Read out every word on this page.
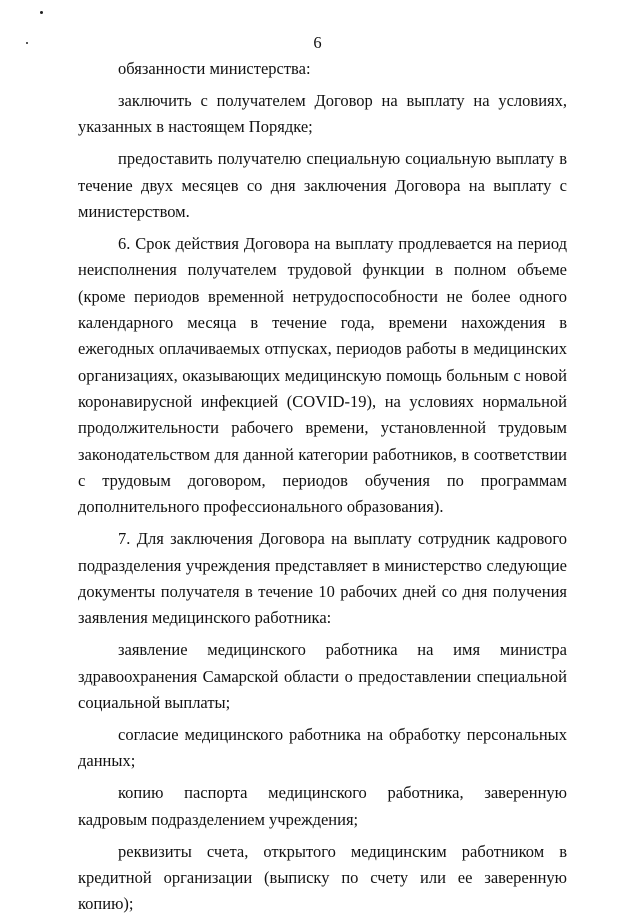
6

обязанности министерства:

заключить с получателем Договор на выплату на условиях, указанных в настоящем Порядке;

предоставить получателю специальную социальную выплату в течение двух месяцев со дня заключения Договора на выплату с министерством.

6. Срок действия Договора на выплату продлевается на период неисполнения получателем трудовой функции в полном объеме (кроме периодов временной нетрудоспособности не более одного календарного месяца в течение года, времени нахождения в ежегодных оплачиваемых отпусках, периодов работы в медицинских организациях, оказывающих медицинскую помощь больным с новой коронавирусной инфекцией (COVID-19), на условиях нормальной продолжительности рабочего времени, установленной трудовым законодательством для данной категории работников, в соответствии с трудовым договором, периодов обучения по программам дополнительного профессионального образования).

7. Для заключения Договора на выплату сотрудник кадрового подразделения учреждения представляет в министерство следующие документы получателя в течение 10 рабочих дней со дня получения заявления медицинского работника:

заявление медицинского работника на имя министра здравоохранения Самарской области о предоставлении специальной социальной выплаты;

согласие медицинского работника на обработку персональных данных;

копию паспорта медицинского работника, заверенную кадровым подразделением учреждения;

реквизиты счета, открытого медицинским работником в кредитной организации (выписку по счету или ее заверенную копию);
